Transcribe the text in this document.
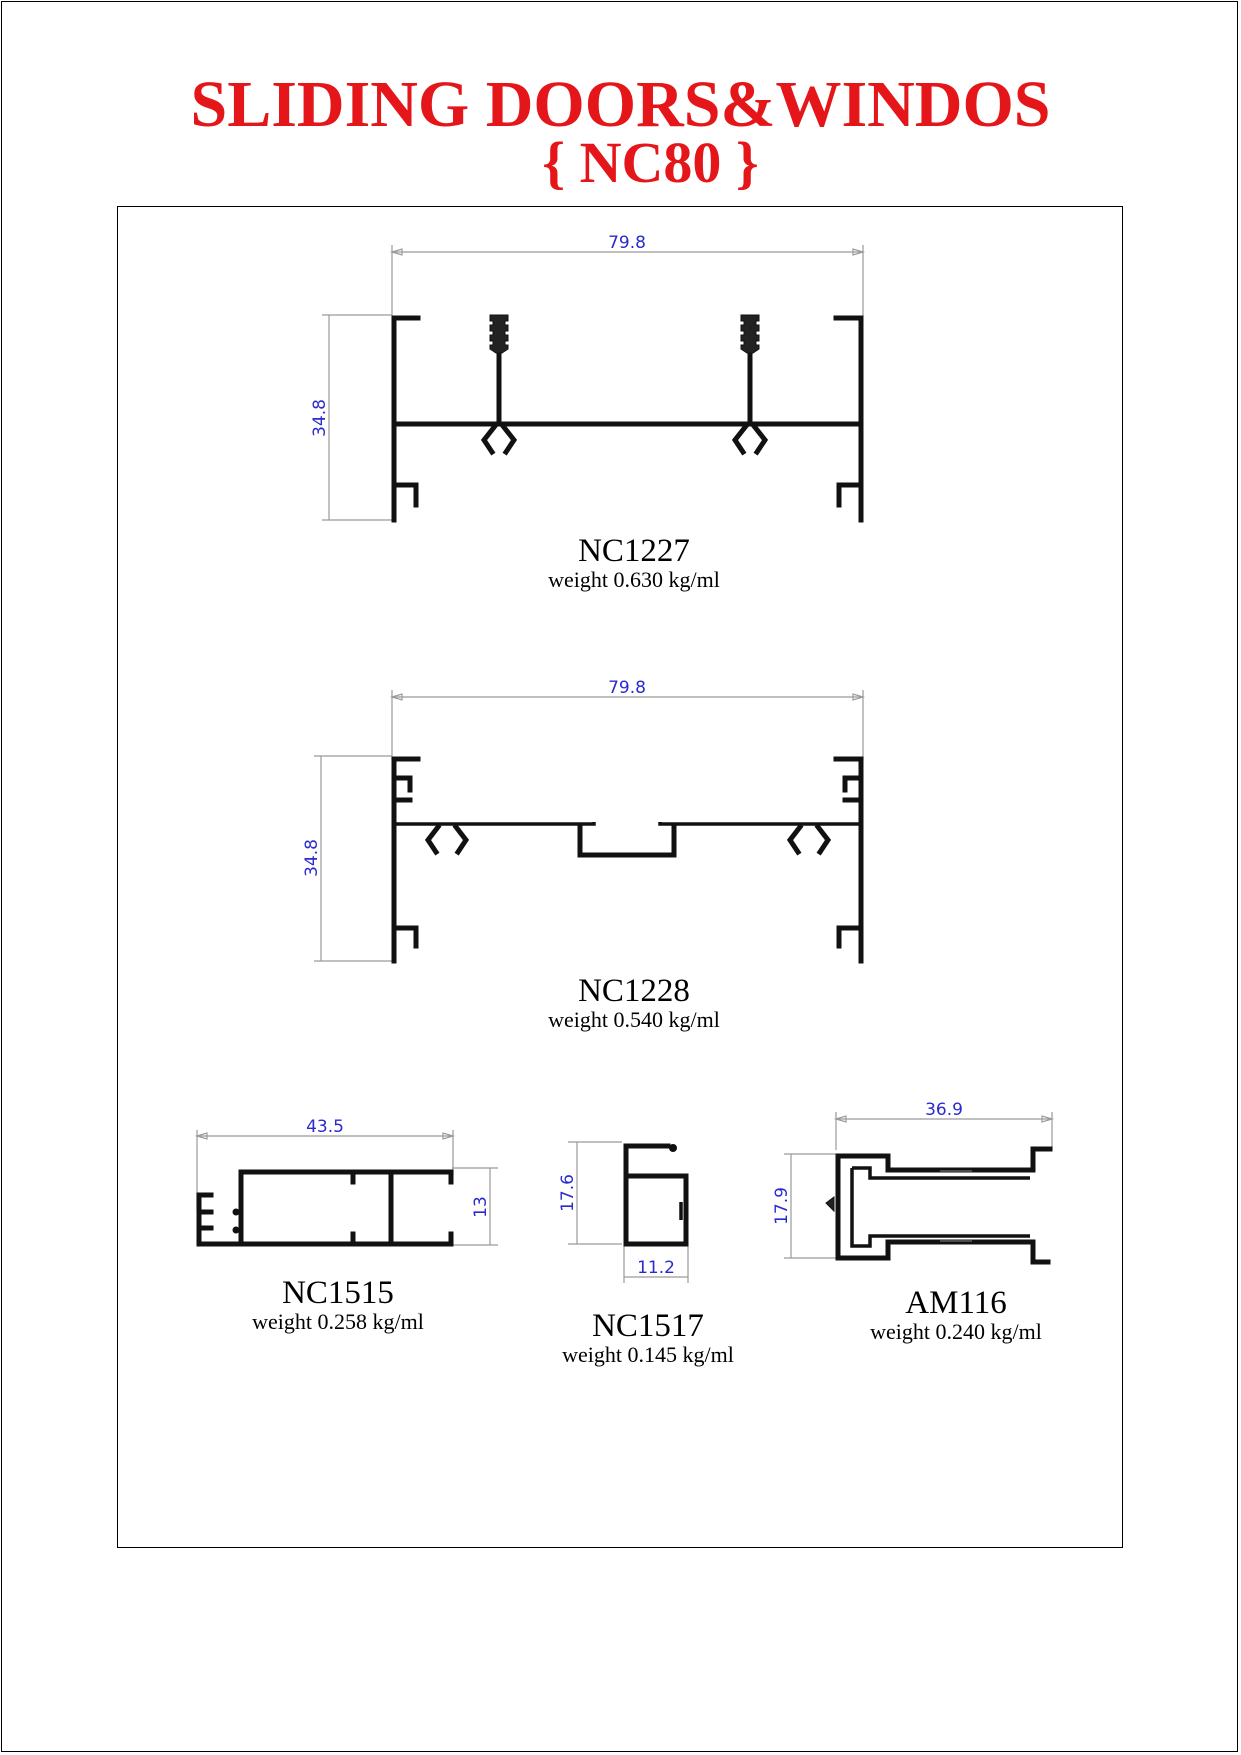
SLIDING DOORS&WINDOS
{ NC80 }
79.8
34.8
79.8
34.8
43.5
13	17.6
11.2
36.9
17.9
NC1227
weight 0.630 kg/ml
NC1228
weight 0.540 kg/ml
NC1515
weight 0.258 kg/ml	NC1517
weight 0.145 kg/ml
AM116
weight 0.240 kg/ml
